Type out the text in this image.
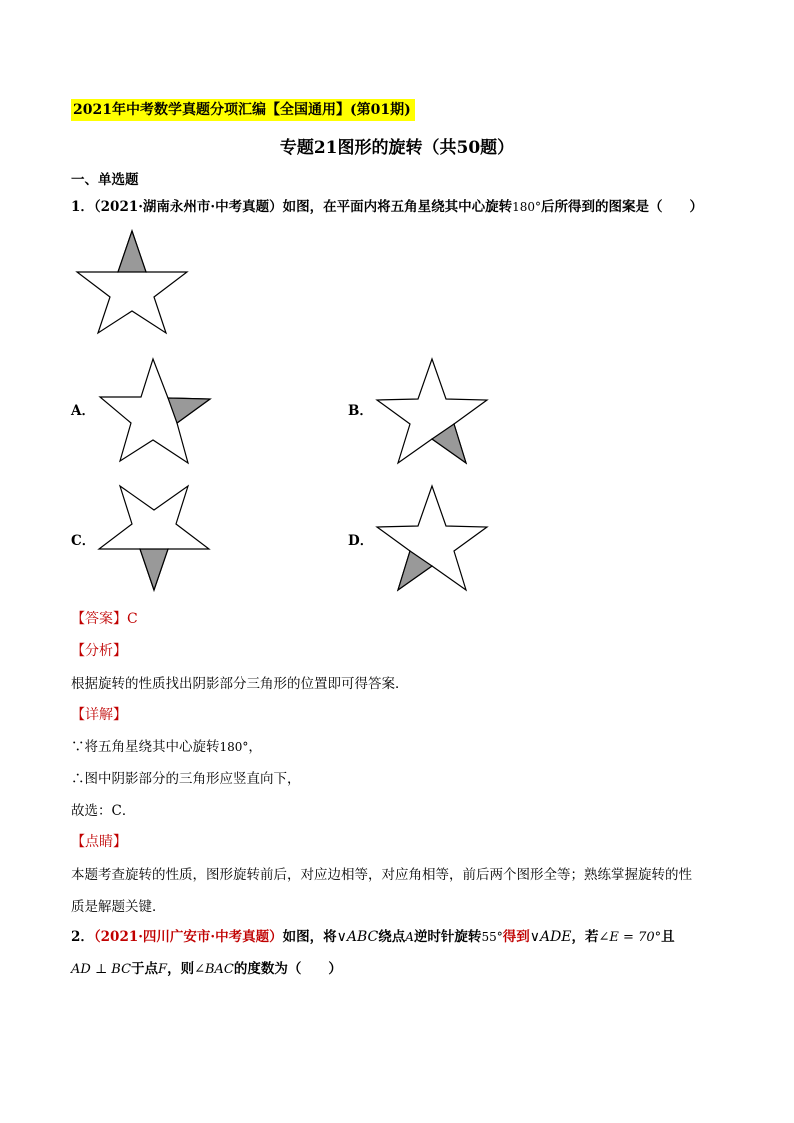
2021年中考数学真题分项汇编【全国通用】(第01期)
专题21图形的旋转（共50题）
一、单选题
1．（2021·湖南永州市·中考真题）如图，在平面内将五角星绕其中心旋转180°后所得到的图案是（　　）
A．	B．
C．	D．
【答案】C
【分析】
根据旋转的性质找出阴影部分三角形的位置即可得答案．
【详解】
∵将五角星绕其中心旋转180°，
∴图中阴影部分的三角形应竖直向下，
故选：C．
【点睛】
本题考查旋转的性质，图形旋转前后，对应边相等，对应角相等，前后两个图形全等；熟练掌握旋转的性
质是解题关键．
2．（2021·四川广安市·中考真题）如图，将∨ABC绕点A逆时针旋转55°得到∨ADE，若∠E = 70°且
AD ⊥ BC于点F，则∠BAC的度数为（　　）
